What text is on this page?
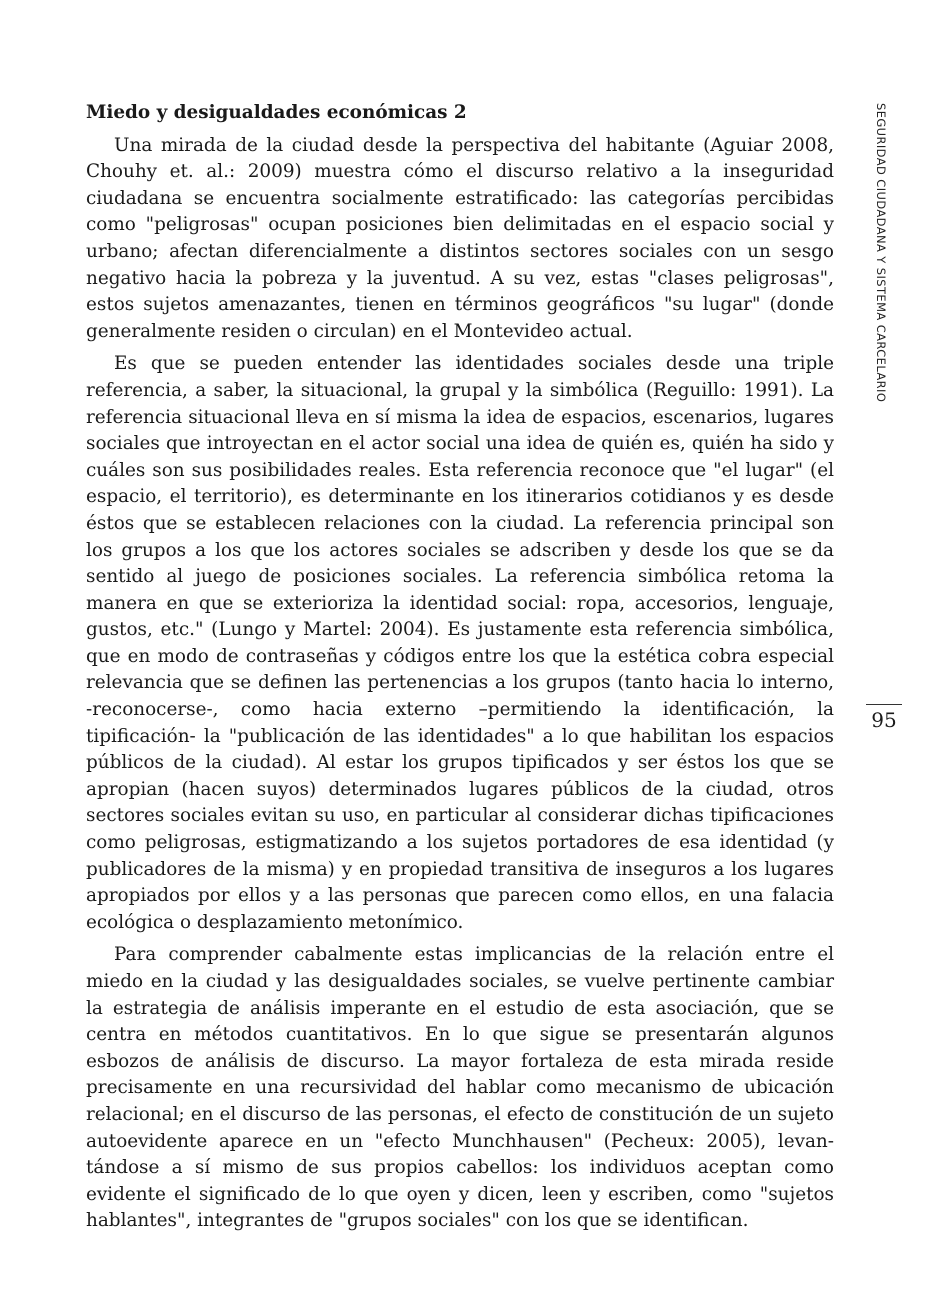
Miedo y desigualdades económicas 2

Una mirada de la ciudad desde la perspectiva del habitante (Aguiar 2008, Chouhy et. al.: 2009) muestra cómo el discurso relativo a la inseguridad ciudadana se encuentra socialmente estratificado: las categorías percibidas como "peligrosas" ocupan posiciones bien delimitadas en el espacio social y urbano; afectan diferencialmente a distintos sectores sociales con un sesgo negativo hacia la pobreza y la juventud. A su vez, estas "clases peligrosas", estos sujetos amenazantes, tienen en términos geográficos "su lugar" (donde generalmente residen o circulan) en el Montevideo actual.

Es que se pueden entender las identidades sociales desde una triple referencia, a saber, la situacional, la grupal y la simbólica (Reguillo: 1991). La referencia situacional lleva en sí misma la idea de espacios, escenarios, lugares sociales que introyectan en el actor social una idea de quién es, quién ha sido y cuáles son sus posibilidades reales. Esta referencia reconoce que "el lugar" (el espacio, el territorio), es determinante en los itinerarios cotidianos y es desde éstos que se establecen relaciones con la ciudad. La referencia principal son los grupos a los que los actores sociales se adscriben y desde los que se da sentido al juego de posiciones sociales. La referencia simbólica retoma la manera en que se exterioriza la identidad social: ropa, accesorios, lenguaje, gustos, etc." (Lungo y Martel: 2004). Es justamente esta referencia simbólica, que en modo de contraseñas y códigos entre los que la estética cobra especial relevancia que se definen las pertenencias a los grupos (tanto hacia lo interno, -reconocerse-, como hacia externo –permitiendo la identificación, la tipificación- la "publicación de las identidades" a lo que habilitan los espacios públicos de la ciudad). Al estar los grupos tipificados y ser éstos los que se apropian (hacen suyos) determinados lugares públicos de la ciudad, otros sectores sociales evitan su uso, en particular al considerar dichas tipificaciones como peligrosas, estigmatizando a los sujetos portadores de esa identidad (y publicadores de la misma) y en propiedad transitiva de inseguros a los lugares apropiados por ellos y a las personas que parecen como ellos, en una falacia ecológica o desplazamiento metonímico.

Para comprender cabalmente estas implicancias de la relación entre el miedo en la ciudad y las desigualdades sociales, se vuelve pertinente cambiar la estrategia de análisis imperante en el estudio de esta asociación, que se centra en métodos cuantitativos. En lo que sigue se presentarán algunos esbozos de análisis de discurso. La mayor fortaleza de esta mirada reside precisamente en una recursividad del hablar como mecanismo de ubicación relacional; en el discurso de las personas, el efecto de constitución de un sujeto autoevidente aparece en un "efecto Munchhausen" (Pecheux: 2005), levantándose a sí mismo de sus propios cabellos: los individuos aceptan como evidente el significado de lo que oyen y dicen, leen y escriben, como "sujetos hablantes", integrantes de "grupos sociales" con los que se identifican.

SEGURIDAD CIUDADANA Y SISTEMA CARCELARIO
95
